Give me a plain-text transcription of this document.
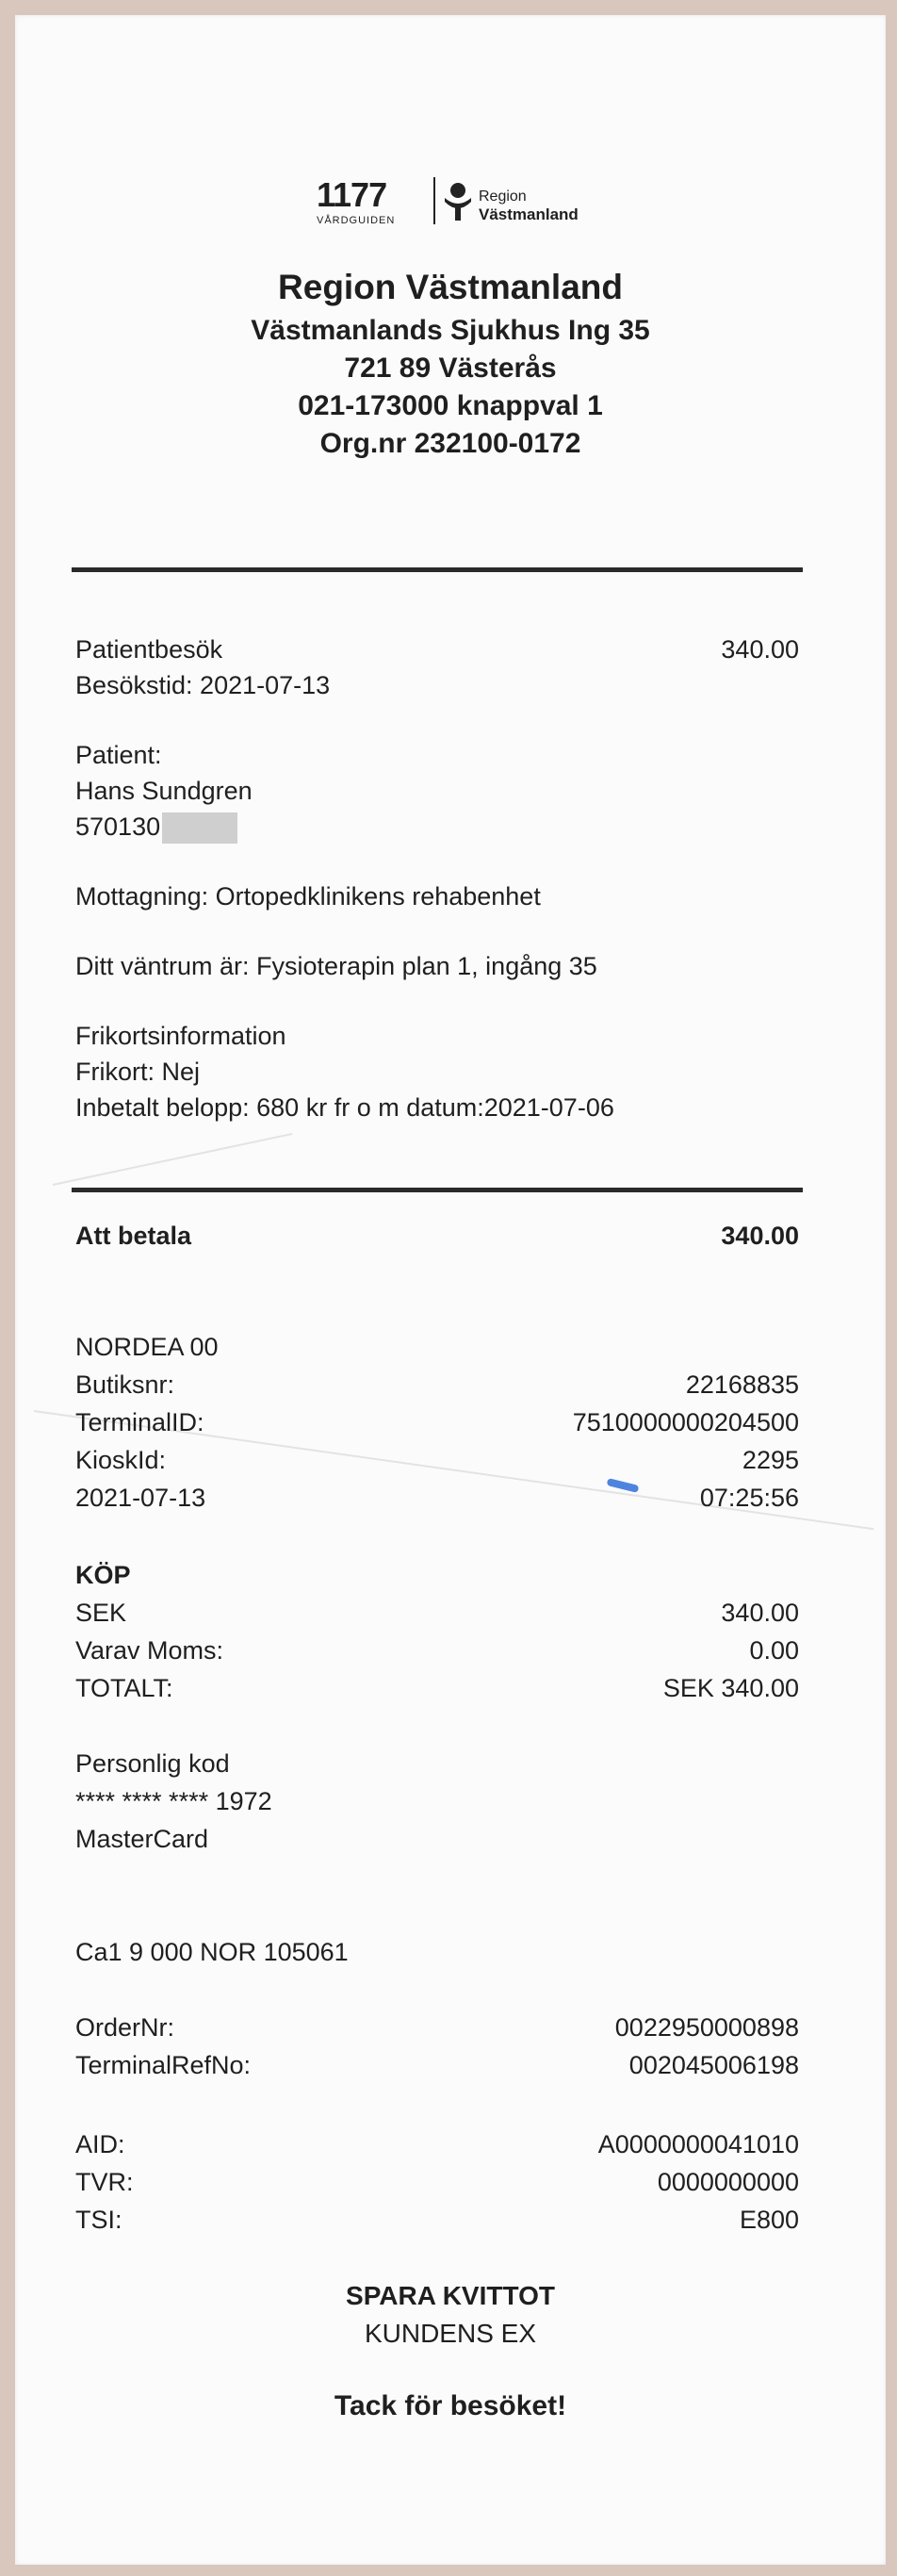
1177
VÅRDGUIDEN
Region
Västmanland
Region Västmanland
Västmanlands Sjukhus Ing 35
721 89 Västerås
021-173000 knappval 1
Org.nr 232100-0172
Patientbesök	340.00
Besökstid: 2021-07-13
Patient:
Hans Sundgren
570130
Mottagning: Ortopedklinikens rehabenhet
Ditt väntrum är: Fysioterapin plan 1, ingång 35
Frikortsinformation
Frikort: Nej
Inbetalt belopp: 680 kr fr o m datum:2021-07-06
Att betala	340.00
NORDEA 00
Butiksnr:	22168835
TerminalID:	7510000000204500
KioskId:	2295
2021-07-13	07:25:56
KÖP
SEK	340.00
Varav Moms:	0.00
TOTALT:	SEK 340.00
Personlig kod
**** **** **** 1972
MasterCard
Ca1 9 000 NOR 105061
OrderNr:	0022950000898
TerminalRefNo:	002045006198
AID:	A0000000041010
TVR:	0000000000
TSI:	E800
SPARA KVITTOT
KUNDENS EX
Tack för besöket!
